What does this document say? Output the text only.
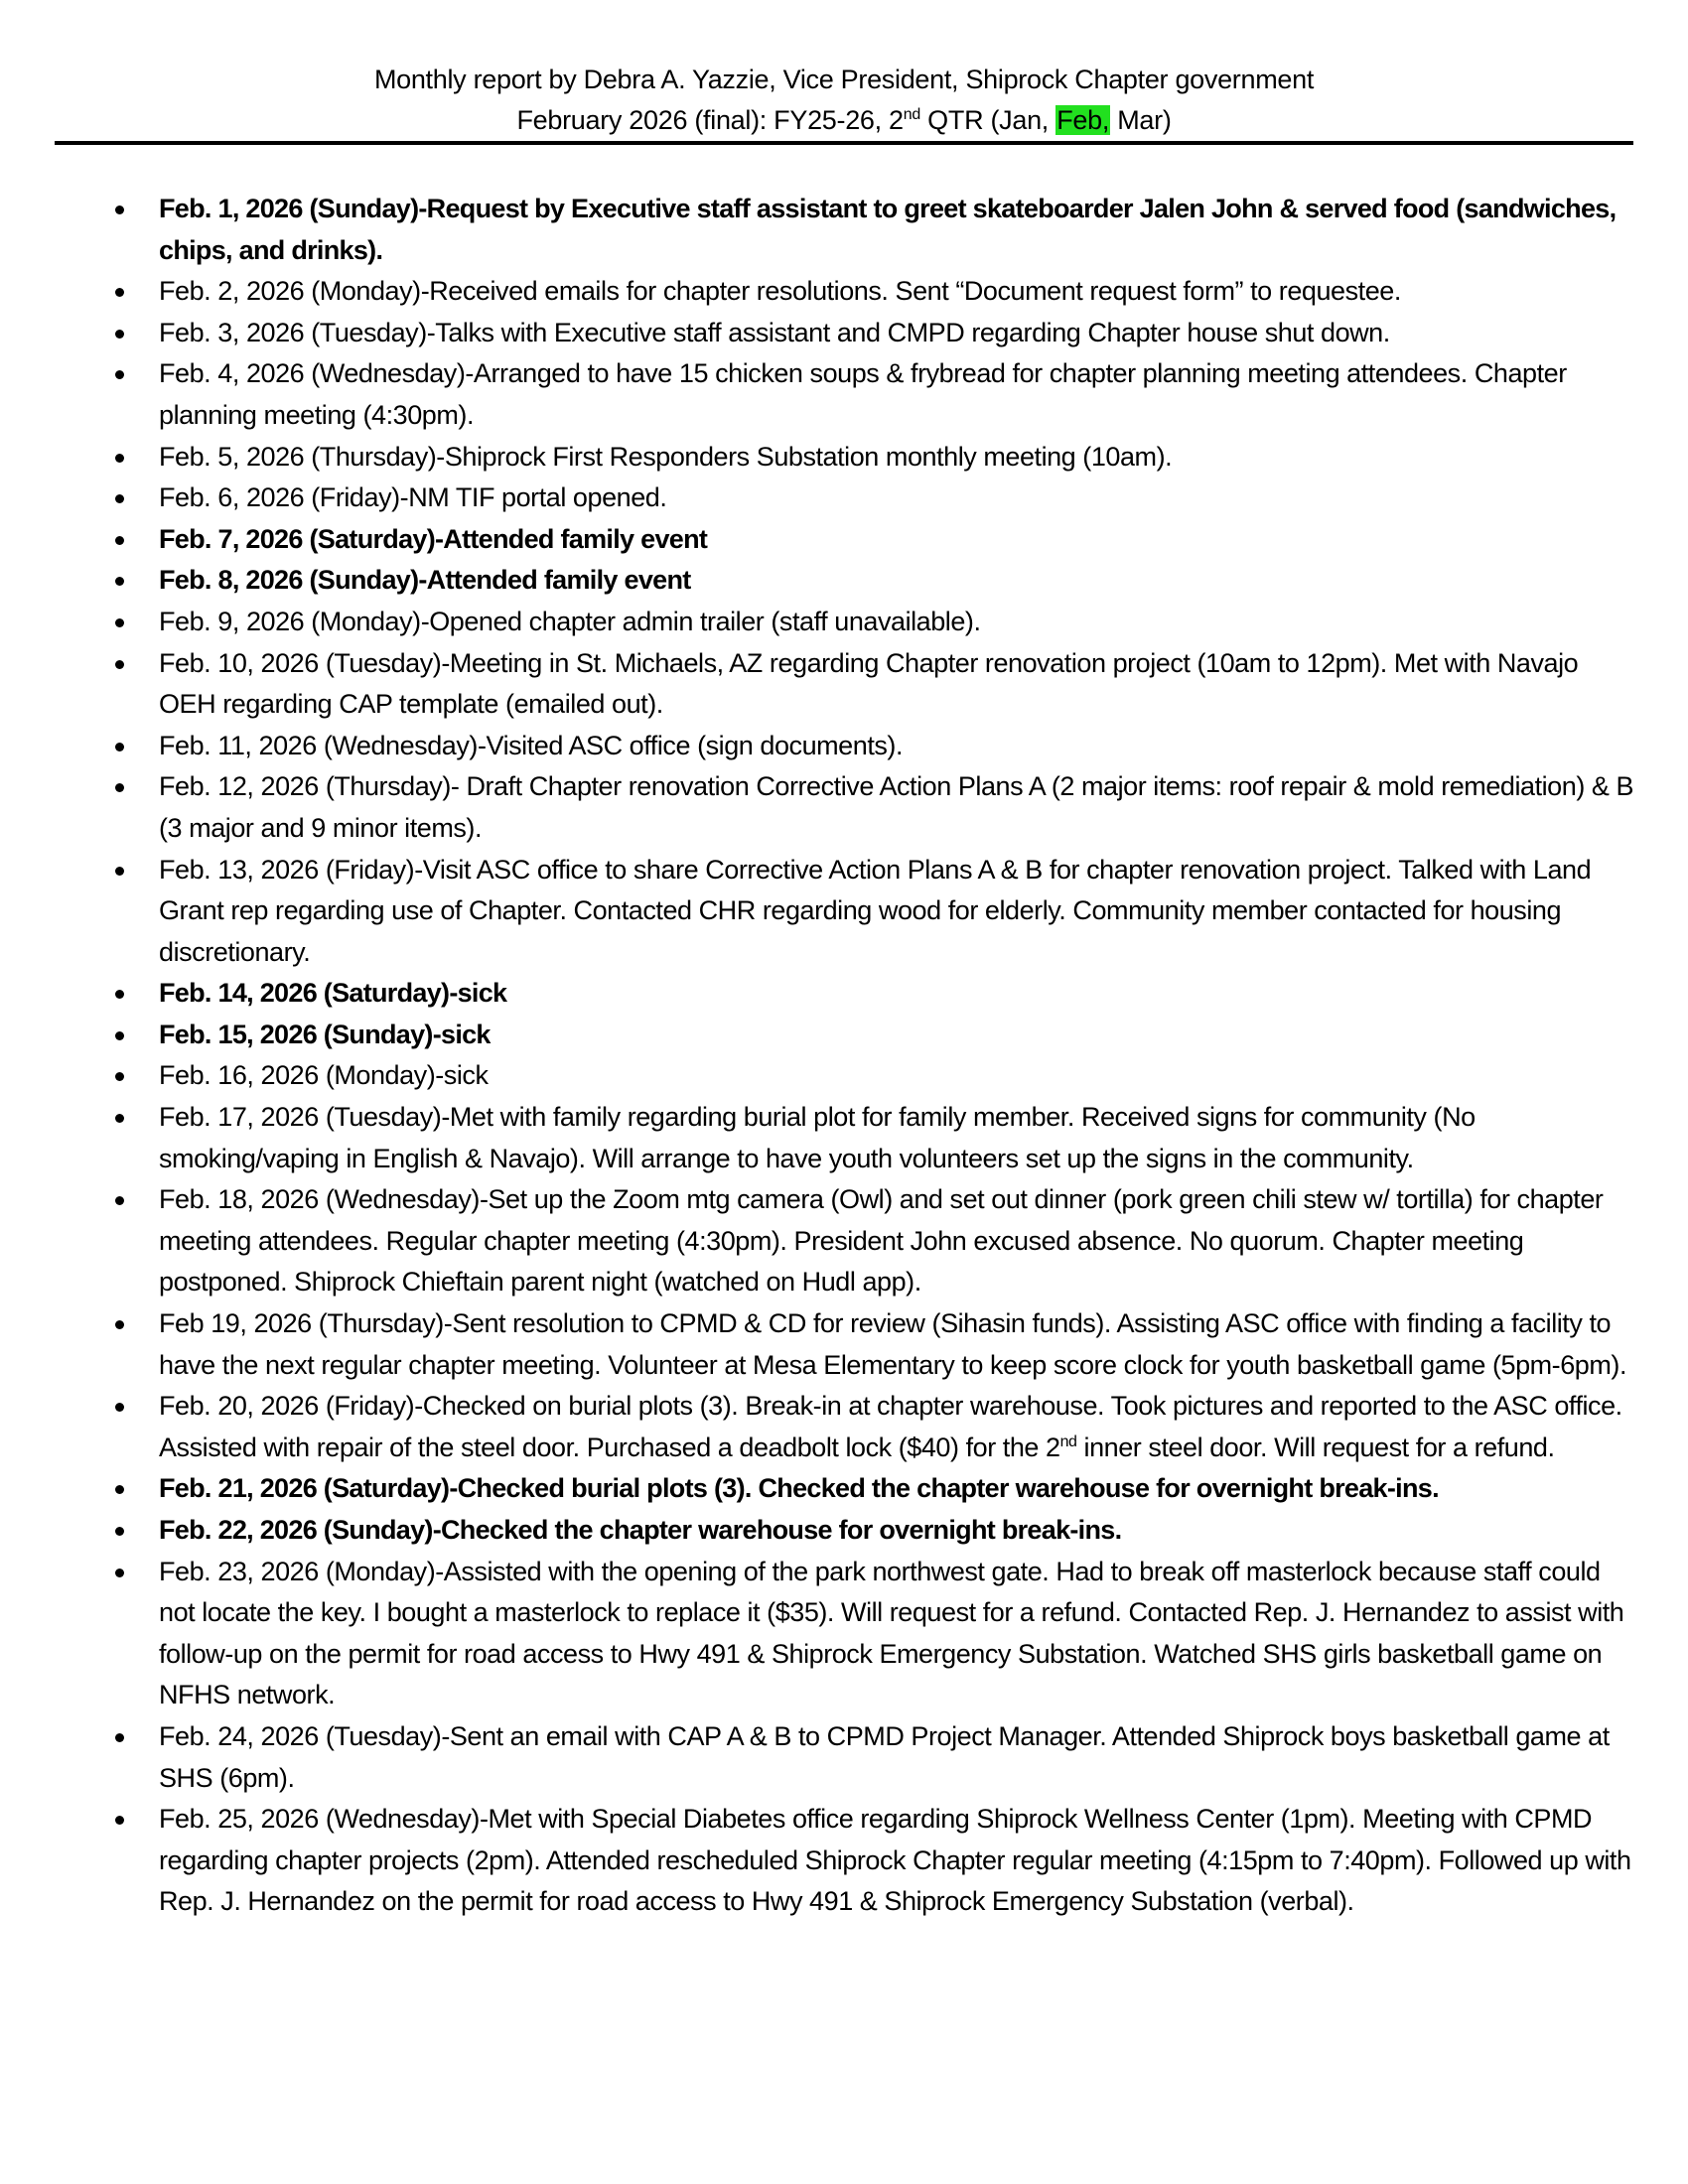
Monthly report by Debra A. Yazzie, Vice President, Shiprock Chapter government
February 2026 (final): FY25-26, 2nd QTR (Jan, Feb, Mar)
Feb. 1, 2026 (Sunday)-Request by Executive staff assistant to greet skateboarder Jalen John & served food (sandwiches, chips, and drinks).
Feb. 2, 2026 (Monday)-Received emails for chapter resolutions. Sent “Document request form” to requestee.
Feb. 3, 2026 (Tuesday)-Talks with Executive staff assistant and CMPD regarding Chapter house shut down.
Feb. 4, 2026 (Wednesday)-Arranged to have 15 chicken soups & frybread for chapter planning meeting attendees. Chapter planning meeting (4:30pm).
Feb. 5, 2026 (Thursday)-Shiprock First Responders Substation monthly meeting (10am).
Feb. 6, 2026 (Friday)-NM TIF portal opened.
Feb. 7, 2026 (Saturday)-Attended family event
Feb. 8, 2026 (Sunday)-Attended family event
Feb. 9, 2026 (Monday)-Opened chapter admin trailer (staff unavailable).
Feb. 10, 2026 (Tuesday)-Meeting in St. Michaels, AZ regarding Chapter renovation project (10am to 12pm). Met with Navajo OEH regarding CAP template (emailed out).
Feb. 11, 2026 (Wednesday)-Visited ASC office (sign documents).
Feb. 12, 2026 (Thursday)- Draft Chapter renovation Corrective Action Plans A (2 major items: roof repair & mold remediation) & B (3 major and 9 minor items).
Feb. 13, 2026 (Friday)-Visit ASC office to share Corrective Action Plans A & B for chapter renovation project. Talked with Land Grant rep regarding use of Chapter. Contacted CHR regarding wood for elderly. Community member contacted for housing discretionary.
Feb. 14, 2026 (Saturday)-sick
Feb. 15, 2026 (Sunday)-sick
Feb. 16, 2026 (Monday)-sick
Feb. 17, 2026 (Tuesday)-Met with family regarding burial plot for family member. Received signs for community (No smoking/vaping in English & Navajo). Will arrange to have youth volunteers set up the signs in the community.
Feb. 18, 2026 (Wednesday)-Set up the Zoom mtg camera (Owl) and set out dinner (pork green chili stew w/ tortilla) for chapter meeting attendees. Regular chapter meeting (4:30pm). President John excused absence. No quorum. Chapter meeting postponed. Shiprock Chieftain parent night (watched on Hudl app).
Feb 19, 2026 (Thursday)-Sent resolution to CPMD & CD for review (Sihasin funds). Assisting ASC office with finding a facility to have the next regular chapter meeting. Volunteer at Mesa Elementary to keep score clock for youth basketball game (5pm-6pm).
Feb. 20, 2026 (Friday)-Checked on burial plots (3). Break-in at chapter warehouse. Took pictures and reported to the ASC office. Assisted with repair of the steel door. Purchased a deadbolt lock ($40) for the 2nd inner steel door. Will request for a refund.
Feb. 21, 2026 (Saturday)-Checked burial plots (3). Checked the chapter warehouse for overnight break-ins.
Feb. 22, 2026 (Sunday)-Checked the chapter warehouse for overnight break-ins.
Feb. 23, 2026 (Monday)-Assisted with the opening of the park northwest gate. Had to break off masterlock because staff could not locate the key. I bought a masterlock to replace it ($35). Will request for a refund. Contacted Rep. J. Hernandez to assist with follow-up on the permit for road access to Hwy 491 & Shiprock Emergency Substation. Watched SHS girls basketball game on NFHS network.
Feb. 24, 2026 (Tuesday)-Sent an email with CAP A & B to CPMD Project Manager. Attended Shiprock boys basketball game at SHS (6pm).
Feb. 25, 2026 (Wednesday)-Met with Special Diabetes office regarding Shiprock Wellness Center (1pm). Meeting with CPMD regarding chapter projects (2pm). Attended rescheduled Shiprock Chapter regular meeting (4:15pm to 7:40pm). Followed up with Rep. J. Hernandez on the permit for road access to Hwy 491 & Shiprock Emergency Substation (verbal).
